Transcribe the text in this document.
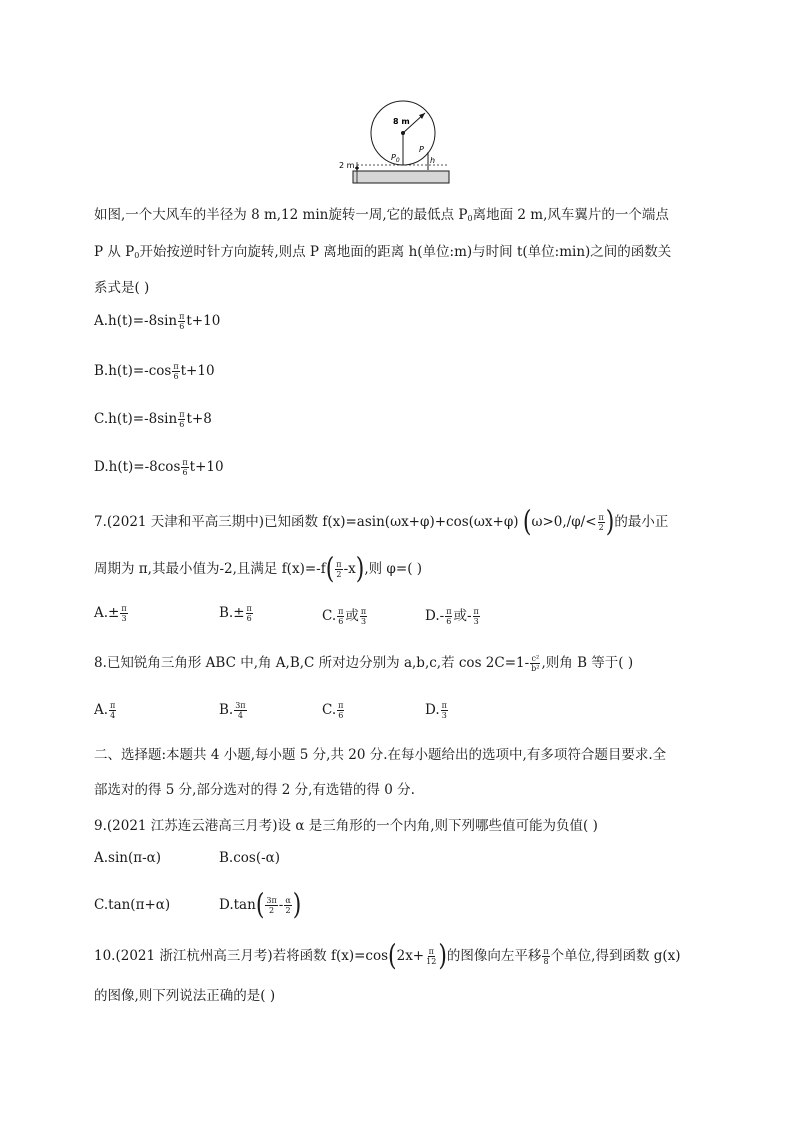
8 m
2 m
$P_0$
P
h
如图,一个大风车的半径为 8 m,12 min旋转一周,它的最低点 $P_0$离地面 2 m,风车翼片的一个端点
P 从 $P_0$开始按逆时针方向旋转,则点 P 离地面的距离 h(单位:m)与时间 t(单位:min)之间的函数关
系式是( )
$A.h(t)=-8\sin \frac{\pi}{6} t+10$
$B.h(t)=-\cos \frac{\pi}{6} t+10$
$C.h(t)=-8\sin \frac{\pi}{6} t+8$
$D.h(t)=-8\cos \frac{\pi}{6} t+10$
7.(2021 天津和平高三期中)已知函数 f(x)=asin(ωx+φ)+cos(ωx+φ) ($\omega>0,/\varphi/< \frac{\pi}{2}$ )的最小正
周期为 π,其最小值为-2,且满足 $f(x)=-f( \frac{\pi}{2} -x)$,则 φ=( )
$A.\pm \frac{\pi}{3}$	$B.\pm \frac{\pi}{6}$	C. $\frac{\pi}{6}$ 或 $\frac{\pi}{3}$	$D.- \frac{\pi}{6}$ 或- $\frac{\pi}{3}$
8.已知锐角三角形 ABC 中,角 A,B,C 所对边分别为 a,b,c,若 $\cos 2C=1- \frac{\text{c²}}{\text{b²}}$ ,则角 B 等于( )
A. $\frac{\pi}{4}$	B. $\frac{3\pi}{4}$	C. $\frac{\pi}{6}$	D. $\frac{\pi}{3}$
二、选择题:本题共 4 小题,每小题 5 分,共 20 分.在每小题给出的选项中,有多项符合题目要求.全
部选对的得 5 分,部分选对的得 2 分,有选错的得 0 分.
9.(2021 江苏连云港高三月考)设 α 是三角形的一个内角,则下列哪些值可能为负值( )
A.sin(π-α)	B.cos(-α)
C.tan(π+α)	$D.\tan( \frac{3\pi}{2} - \frac{\alpha}{2}$ )
10.(2021 浙江杭州高三月考)若将函数 $f(x)=\cos(2x+ \frac{\pi}{12}$ )的图像向左平移 $\frac{\pi}{8}$ 个单位,得到函数 g(x)
的图像,则下列说法正确的是( )
